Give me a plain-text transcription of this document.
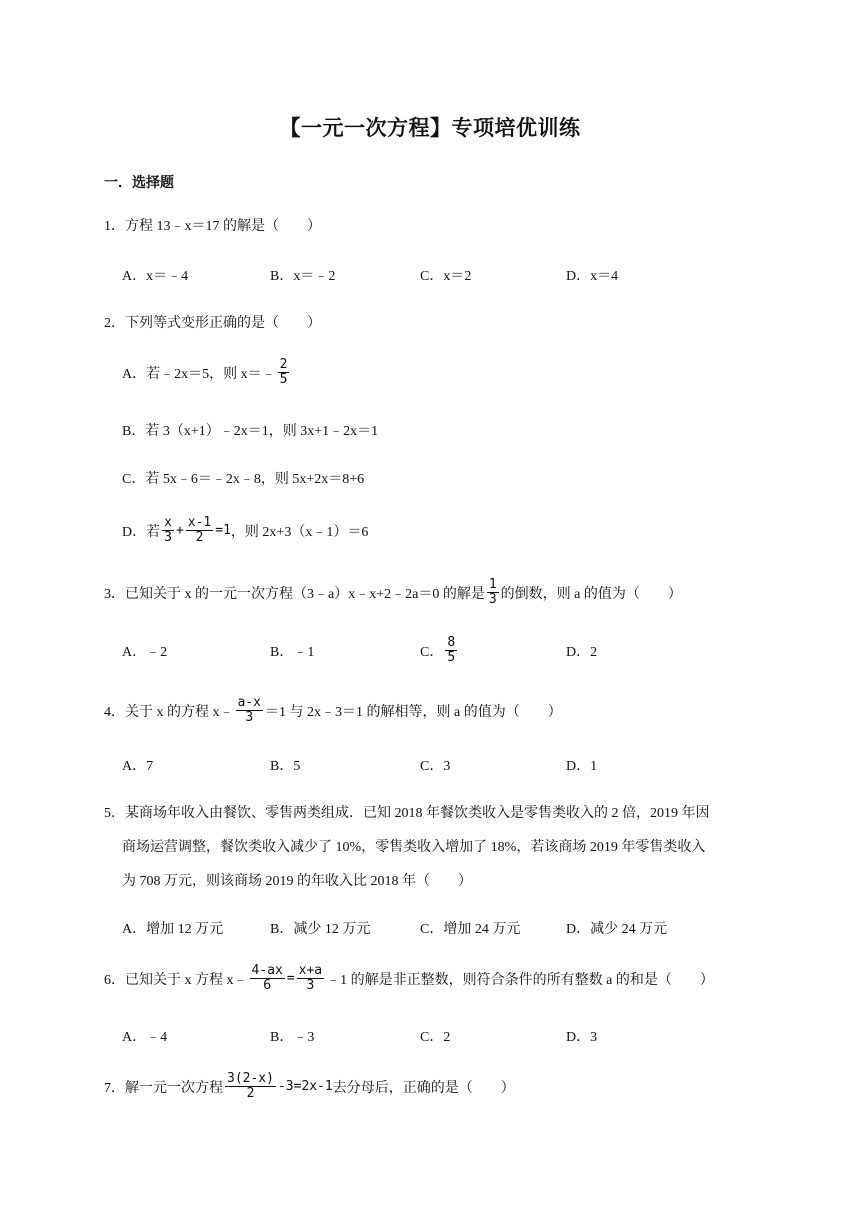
【一元一次方程】专项培优训练
一．选择题
1．方程 13﹣x＝17 的解是（　　）
A．x＝﹣4	B．x＝﹣2	C．x＝2	D．x＝4
2．下列等式变形正确的是（　　）
A．若﹣2x＝5，则 x＝ ﹣ $\frac{2}{5}$
B．若 3（x+1）﹣2x＝1，则 3x+1﹣2x＝1
C．若 5x﹣6＝﹣2x﹣8，则 5x+2x＝8+6
D．若 $\frac{x}{3} + \frac{x-1}{2} =1$ ，则 2x+3（x﹣1）＝6
3．已知关于 x 的一元一次方程（3﹣a）x﹣x+2﹣2a＝0 的解是 $\frac{1}{3}$ 的倒数，则 a 的值为（　　）
A．﹣2	B．﹣1	C． $\frac{8}{5}$	D．2
4．关于 x 的方程 x﹣ $\frac{a-x}{3} =1$ 与 2x﹣3＝1 的解相等，则 a 的值为（　　）
A．7	B．5	C．3	D．1
5．某商场年收入由餐饮、零售两类组成．已知 2018 年餐饮类收入是零售类收入的 2 倍，2019 年因
商场运营调整，餐饮类收入减少了 10%，零售类收入增加了 18%，若该商场 2019 年零售类收入
为 708 万元，则该商场 2019 的年收入比 2018 年（　　）
A．增加 12 万元	B．减少 12 万元	C．增加 24 万元	D．减少 24 万元
6．已知关于 x 方程 x﹣ $\frac{4-ax}{6} = \frac{x+a}{3}$ ﹣1 的解是非正整数，则符合条件的所有整数 a 的和是（　　）
A．﹣4	B．﹣3	C．2	D．3
7．解一元一次方程 $\frac{3(2-x)}{2} -3=2x-1$ 去分母后，正确的是（　　）
